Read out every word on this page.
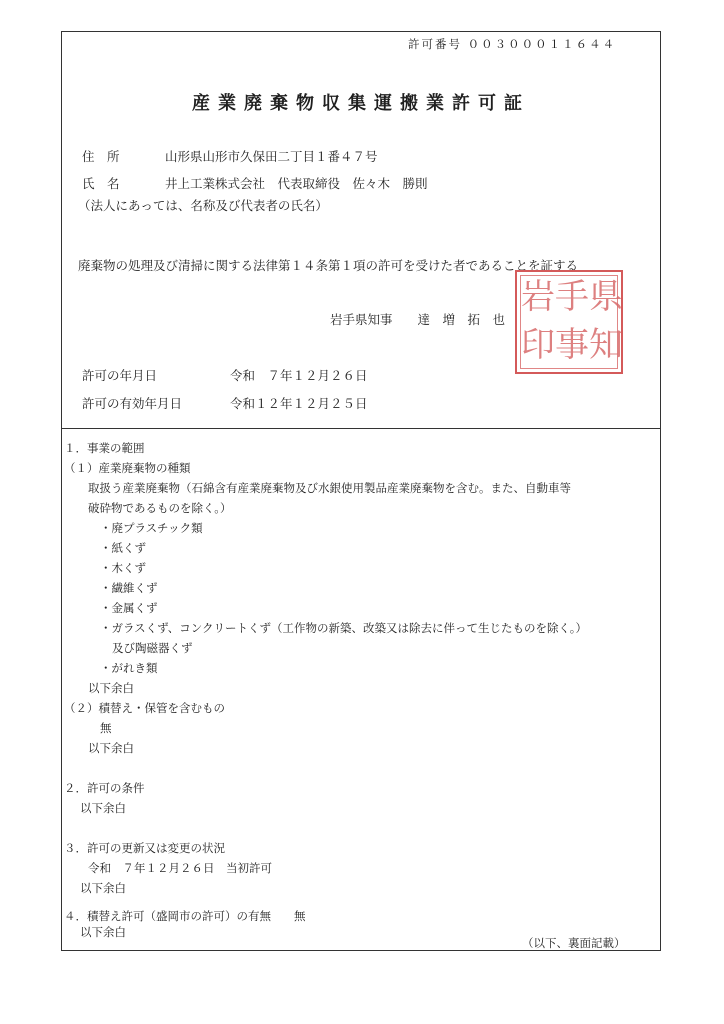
許可番号 ００３０００１１６４４
産業廃棄物収集運搬業許可証
住　所	山形県山形市久保田二丁目１番４７号
氏　名	井上工業株式会社　代表取締役　佐々木　勝則
（法人にあっては、名称及び代表者の氏名）
廃棄物の処理及び清掃に関する法律第１４条第１項の許可を受けた者であることを証する
岩手県知事　　達　増　拓　也
県
知
手
事
岩
印
許可の年月日	令和　７年１２月２６日
許可の有効年月日	令和１２年１２月２５日
１．事業の範囲
（１）産業廃棄物の種類
取扱う産業廃棄物（石綿含有産業廃棄物及び水銀使用製品産業廃棄物を含む。また、自動車等
破砕物であるものを除く。）
・廃プラスチック類
・紙くず
・木くず
・繊維くず
・金属くず
・ガラスくず、コンクリートくず（工作物の新築、改築又は除去に伴って生じたものを除く。）
及び陶磁器くず
・がれき類
以下余白
（２）積替え・保管を含むもの
無
以下余白
２．許可の条件
以下余白
３．許可の更新又は変更の状況
令和　７年１２月２６日　当初許可
以下余白
４．積替え許可（盛岡市の許可）の有無　　無
以下余白
（以下、裏面記載）
